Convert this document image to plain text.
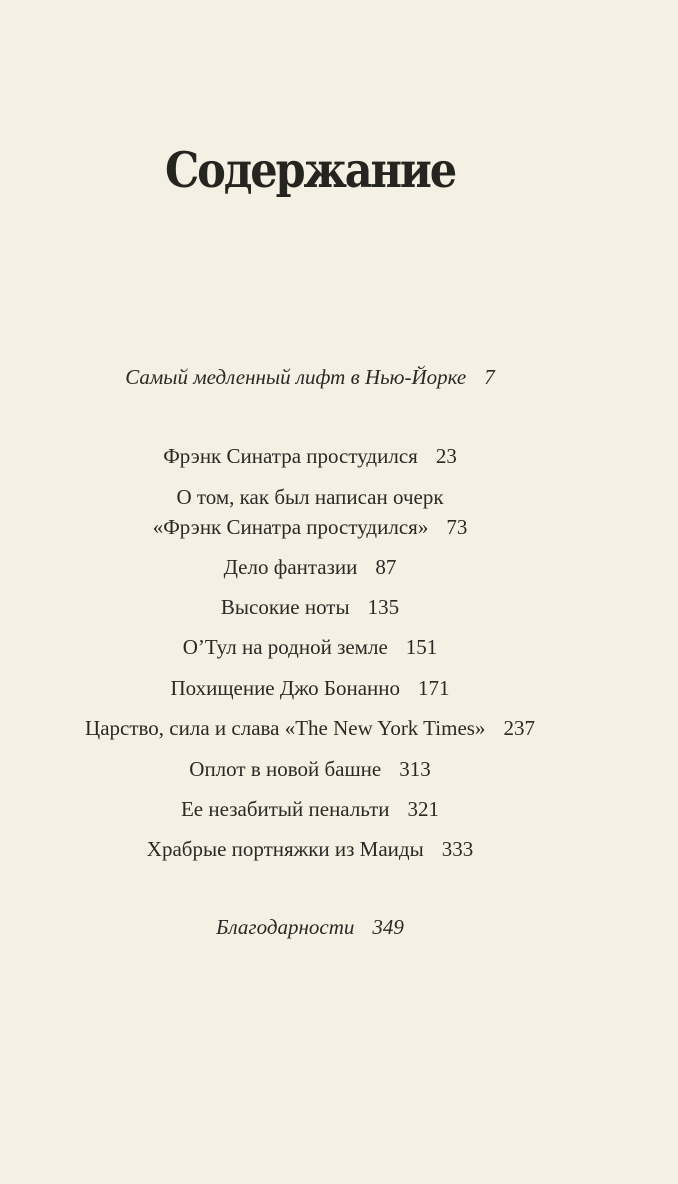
Содержание
Самый медленный лифт в Нью-Йорке 7
Фрэнк Синатра простудился 23
О том, как был написан очерк
«Фрэнк Синатра простудился» 73
Дело фантазии 87
Высокие ноты 135
О’Тул на родной земле 151
Похищение Джо Бонанно 171
Царство, сила и слава «The New York Times» 237
Оплот в новой башне 313
Ее незабитый пенальти 321
Храбрые портняжки из Маиды 333
Благодарности 349
